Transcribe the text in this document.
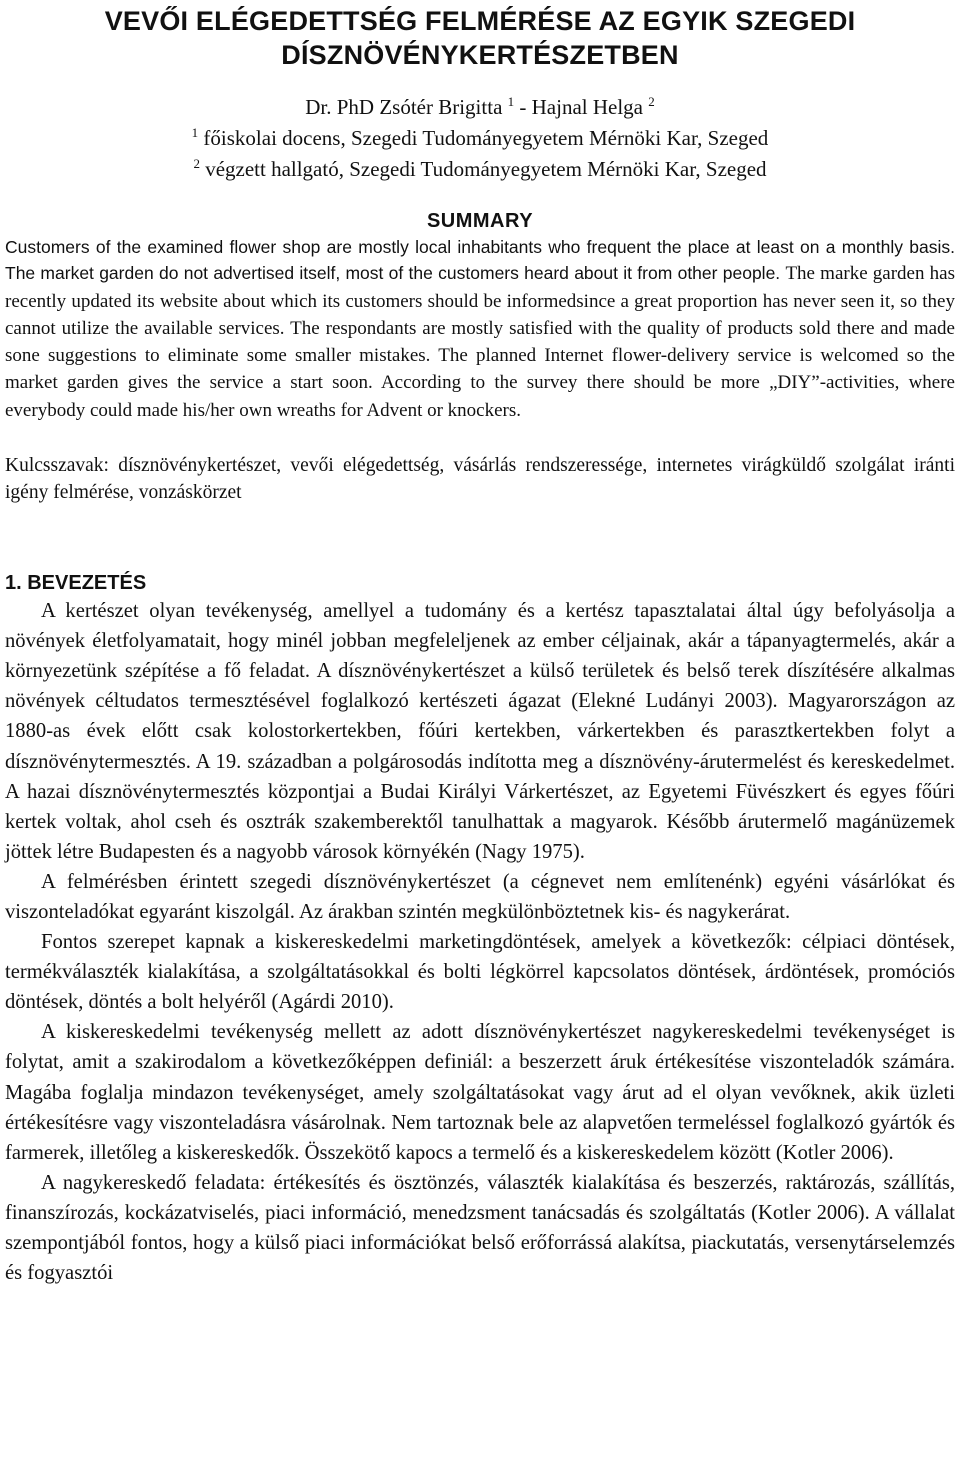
VEVŐI ELÉGEDETTSÉG FELMÉRÉSE AZ EGYIK SZEGEDI
DÍSZNÖVÉNYKERTÉSZETBEN
Dr. PhD Zsótér Brigitta $^1$ - Hajnal Helga $^2$
$^1$ főiskolai docens, Szegedi Tudományegyetem Mérnöki Kar, Szeged
$^2$ végzett hallgató, Szegedi Tudományegyetem Mérnöki Kar, Szeged
SUMMARY

Customers of the examined flower shop are mostly local inhabitants who frequent the place at least on a monthly basis. The market garden do not advertised itself, most of the customers heard about it from other people. The marke garden has recently updated its website about which its customers should be informedsince a great proportion has never seen it, so they cannot utilize the available services. The respondants are mostly satisfied with the quality of products sold there and made sone suggestions to eliminate some smaller mistakes. The planned Internet flower-delivery service is welcomed so the market garden gives the service a start soon. According to the survey there should be more „DIY”-activities, where everybody could made his/her own wreaths for Advent or knockers.

Kulcsszavak: dísznövénykertészet, vevői elégedettség, vásárlás rendszeressége, internetes virágküldő szolgálat iránti igény felmérése, vonzáskörzet
1. BEVEZETÉS

A kertészet olyan tevékenység, amellyel a tudomány és a kertész tapasztalatai által úgy befolyásolja a növények életfolyamatait, hogy minél jobban megfeleljenek az ember céljainak, akár a tápanyagtermelés, akár a környezetünk szépítése a fő feladat. A dísznövénykertészet a külső területek és belső terek díszítésére alkalmas növények céltudatos termesztésével foglalkozó kertészeti ágazat (Elekné Ludányi 2003). Magyarországon az 1880-as évek előtt csak kolostorkertekben, főúri kertekben, várkertekben és parasztkertekben folyt a dísznövénytermesztés. A 19. században a polgárosodás indította meg a dísznövény-árutermelést és kereskedelmet. A hazai dísznövénytermesztés központjai a Budai Királyi Várkertészet, az Egyetemi Füvészkert és egyes főúri kertek voltak, ahol cseh és osztrák szakemberektől tanulhattak a magyarok. Később árutermelő magánüzemek jöttek létre Budapesten és a nagyobb városok környékén (Nagy 1975).

A felmérésben érintett szegedi dísznövénykertészet (a cégnevet nem említenénk) egyéni vásárlókat és viszonteladókat egyaránt kiszolgál. Az árakban szintén megkülönböztetnek kis- és nagykerárat.

Fontos szerepet kapnak a kiskereskedelmi marketingdöntések, amelyek a következők: célpiaci döntések, termékválaszték kialakítása, a szolgáltatásokkal és bolti légkörrel kapcsolatos döntések, árdöntések, promóciós döntések, döntés a bolt helyéről (Agárdi 2010).

A kiskereskedelmi tevékenység mellett az adott dísznövénykertészet nagykereskedelmi tevékenységet is folytat, amit a szakirodalom a következőképpen definiál: a beszerzett áruk értékesítése viszonteladók számára. Magába foglalja mindazon tevékenységet, amely szolgáltatásokat vagy árut ad el olyan vevőknek, akik üzleti értékesítésre vagy viszonteladásra vásárolnak. Nem tartoznak bele az alapvetően termeléssel foglalkozó gyártók és farmerek, illetőleg a kiskereskedők. Összekötő kapocs a termelő és a kiskereskedelem között (Kotler 2006).

A nagykereskedő feladata: értékesítés és ösztönzés, választék kialakítása és beszerzés, raktározás, szállítás, finanszírozás, kockázatviselés, piaci információ, menedzsment tanácsadás és szolgáltatás (Kotler 2006). A vállalat szempontjából fontos, hogy a külső piaci információkat belső erőforrássá alakítsa, piackutatás, versenytárselemzés és fogyasztói
